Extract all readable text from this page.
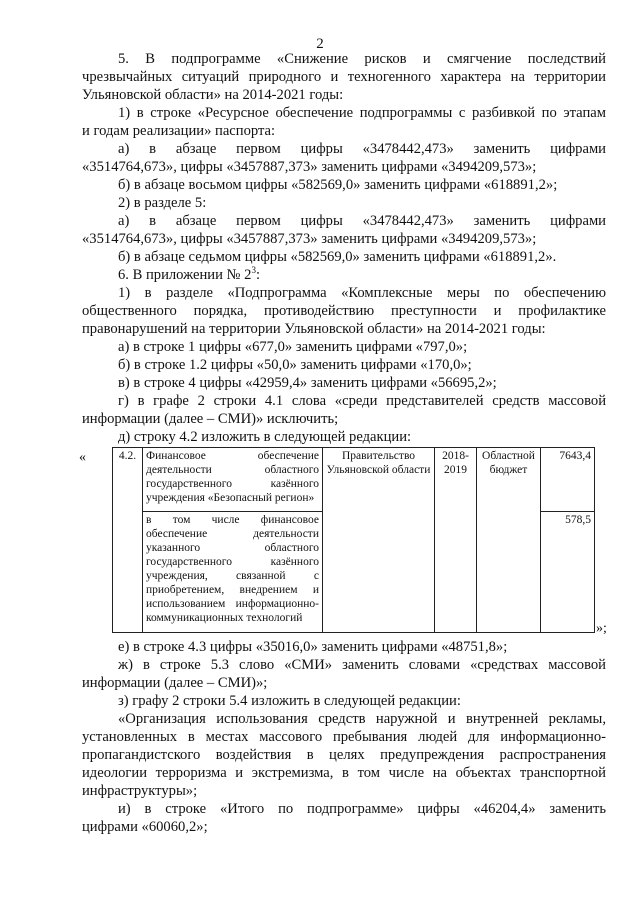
2
5. В подпрограмме «Снижение рисков и смягчение последствий
чрезвычайных ситуаций природного и техногенного характера на территории
Ульяновской области» на 2014-2021 годы:
1) в строке «Ресурсное обеспечение подпрограммы с разбивкой по этапам
и годам реализации» паспорта:
а) в абзаце первом цифры «3478442,473» заменить цифрами
«3514764,673», цифры «3457887,373» заменить цифрами «3494209,573»;
б) в абзаце восьмом цифры «582569,0» заменить цифрами «618891,2»;
2) в разделе 5:
а) в абзаце первом цифры «3478442,473» заменить цифрами
«3514764,673», цифры «3457887,373» заменить цифрами «3494209,573»;
б) в абзаце седьмом цифры «582569,0» заменить цифрами «618891,2».
6. В приложении № $2^3$:
1) в разделе «Подпрограмма «Комплексные меры по обеспечению
общественного порядка, противодействию преступности и профилактике
правонарушений на территории Ульяновской области» на 2014-2021 годы:
а) в строке 1 цифры «677,0» заменить цифрами «797,0»;
б) в строке 1.2 цифры «50,0» заменить цифрами «170,0»;
в) в строке 4 цифры «42959,4» заменить цифрами «56695,2»;
г) в графе 2 строки 4.1 слова «среди представителей средств массовой
информации (далее – СМИ)» исключить;
д) строку 4.2 изложить в следующей редакции:
«	4.2.	Финансовое обеспечение деятельности областного государственного казённого учреждения «Безопасный регион»	Правительство Ульяновской области	2018-2019	Областной бюджет	7643,4
	в том числе финансовое обеспечение деятельности указанного областного государственного казённого учреждения, связанной с приобретением, внедрением и использованием информационно-коммуникационных технологий				578,5
»;
е) в строке 4.3 цифры «35016,0» заменить цифрами «48751,8»;
ж) в строке 5.3 слово «СМИ» заменить словами «средствах массовой
информации (далее – СМИ)»;
з) графу 2 строки 5.4 изложить в следующей редакции:
«Организация использования средств наружной и внутренней рекламы,
установленных в местах массового пребывания людей для информационно-
пропагандистского воздействия в целях предупреждения распространения
идеологии терроризма и экстремизма, в том числе на объектах транспортной
инфраструктуры»;
и) в строке «Итого по подпрограмме» цифры «46204,4» заменить
цифрами «60060,2»;
